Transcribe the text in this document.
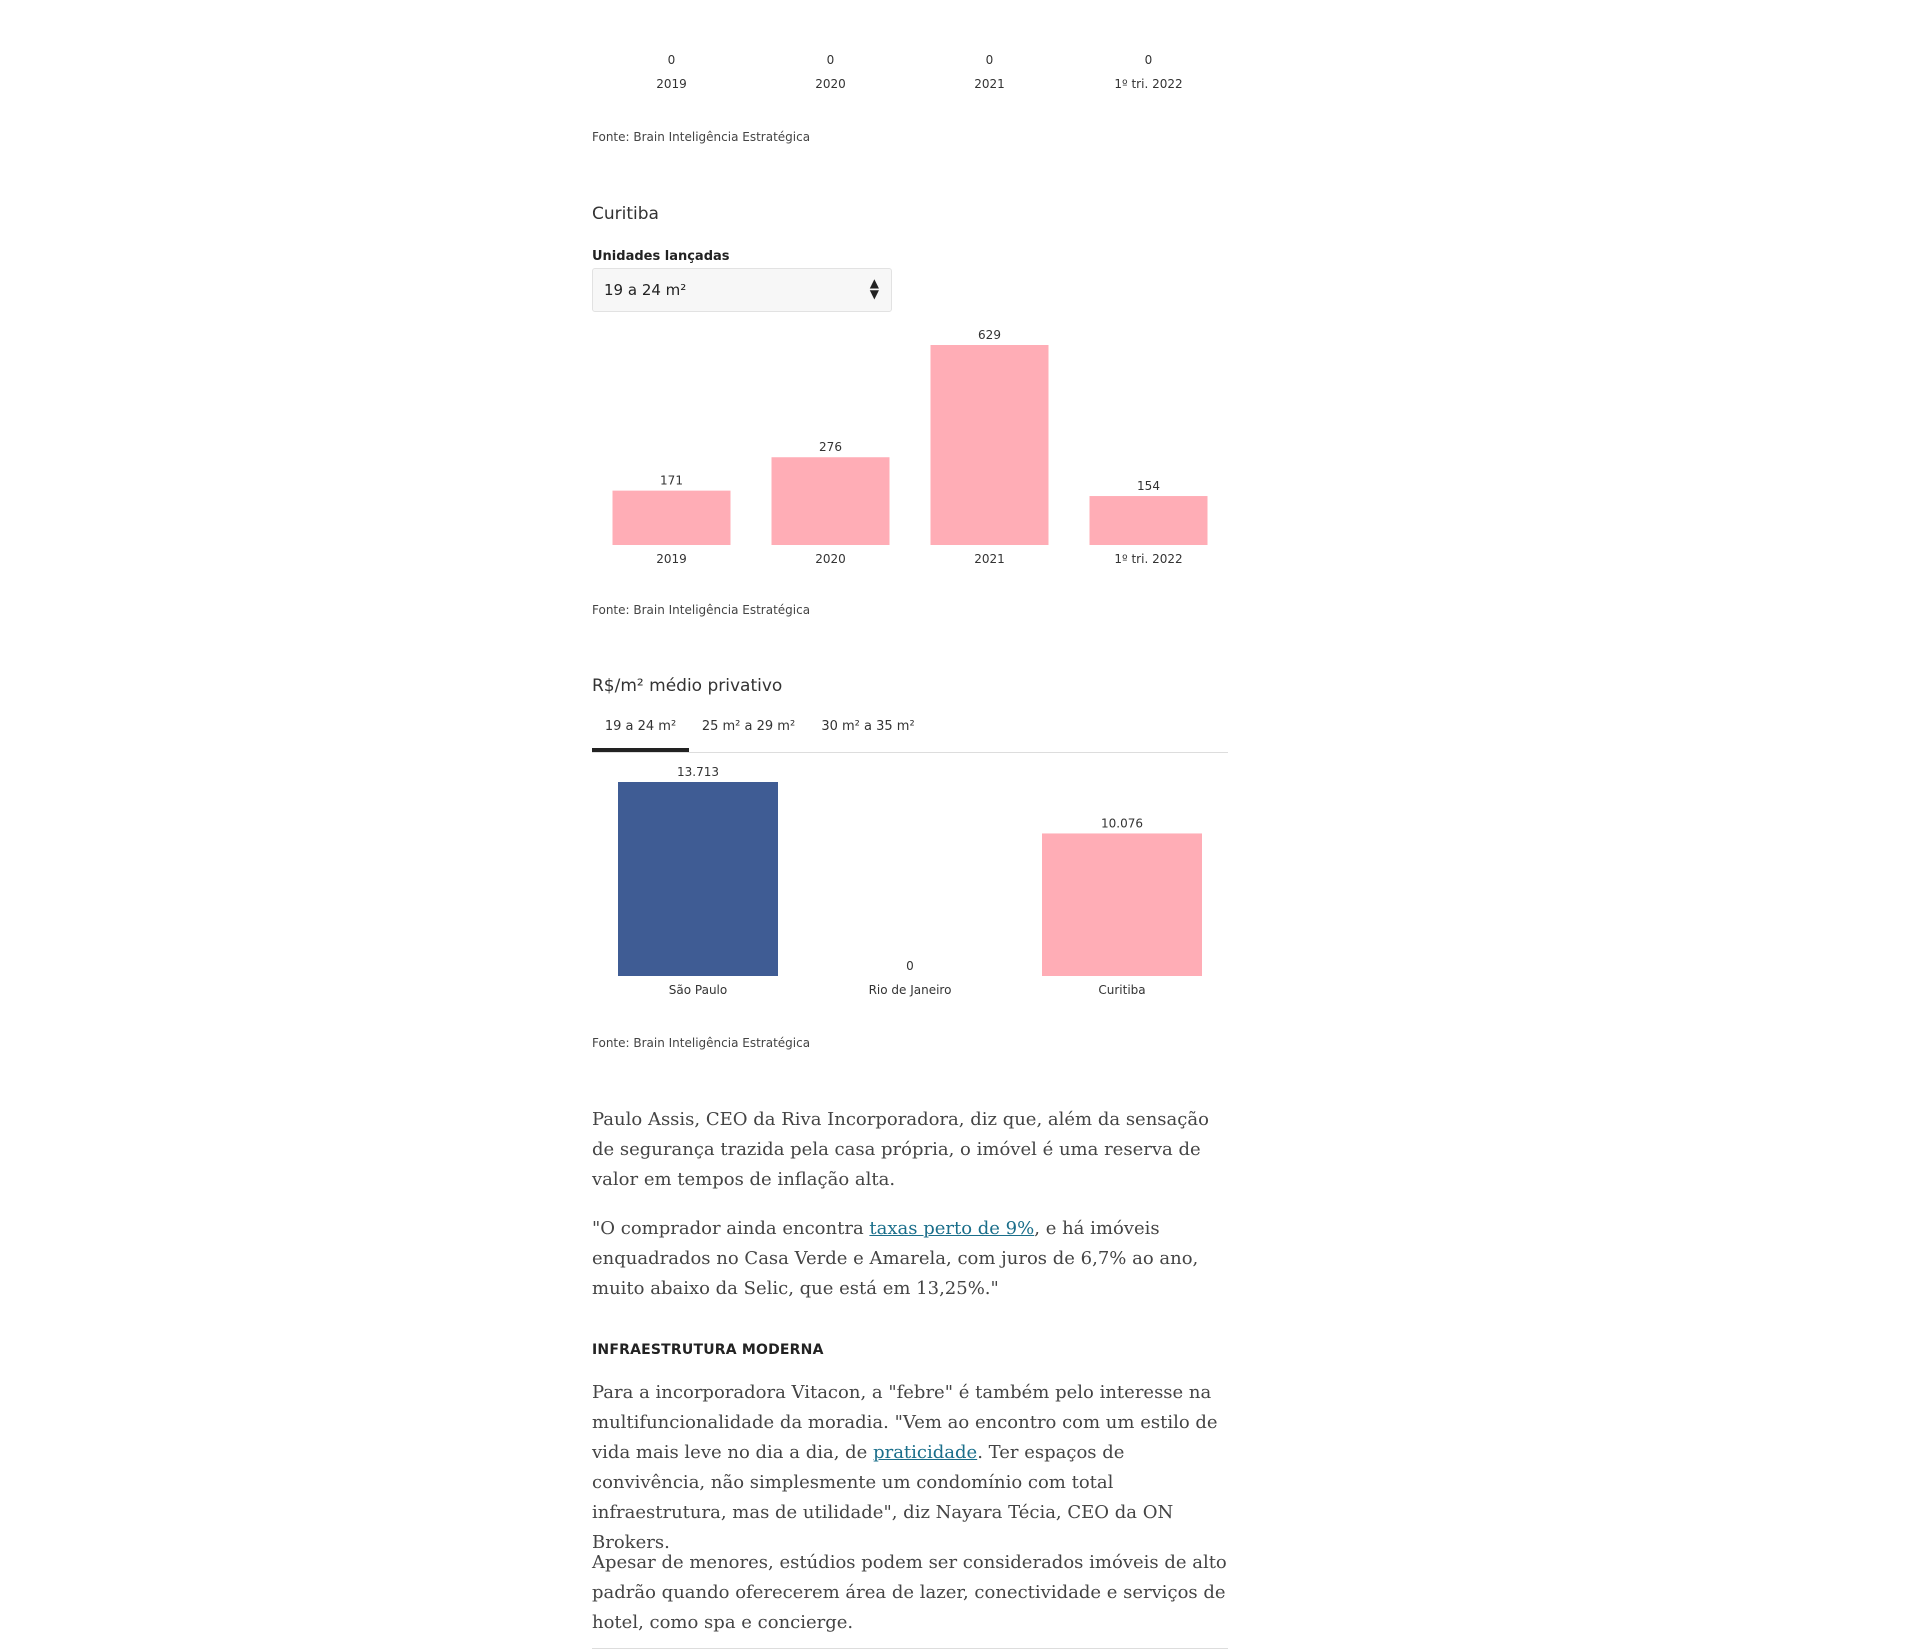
0
2019
0
2020
0
2021
0
1º tri. 2022
Fonte: Brain Inteligência Estratégica
Curitiba
Unidades lançadas
19 a 24 m²	▲
▼
171
2019
276
2020
629
2021
154
1º tri. 2022
Fonte: Brain Inteligência Estratégica
R$/m² médio privativo
19 a 24 m²	25 m² a 29 m²	30 m² a 35 m²
13.713
São Paulo
0
Rio de Janeiro
10.076
Curitiba
Fonte: Brain Inteligência Estratégica

Paulo Assis, CEO da Riva Incorporadora, diz que, além da sensação de segurança trazida pela casa própria, o imóvel é uma reserva de valor em tempos de inflação alta.

"O comprador ainda encontra taxas perto de 9%, e há imóveis enquadrados no Casa Verde e Amarela, com juros de 6,7% ao ano, muito abaixo da Selic, que está em 13,25%."

INFRAESTRUTURA MODERNA

Para a incorporadora Vitacon, a "febre" é também pelo interesse na multifuncionalidade da moradia. "Vem ao encontro com um estilo de vida mais leve no dia a dia, de praticidade. Ter espaços de convivência, não simplesmente um condomínio com total infraestrutura, mas de utilidade", diz Nayara Técia, CEO da ON Brokers.

Apesar de menores, estúdios podem ser considerados imóveis de alto padrão quando oferecerem área de lazer, conectividade e serviços de hotel, como spa e concierge.
